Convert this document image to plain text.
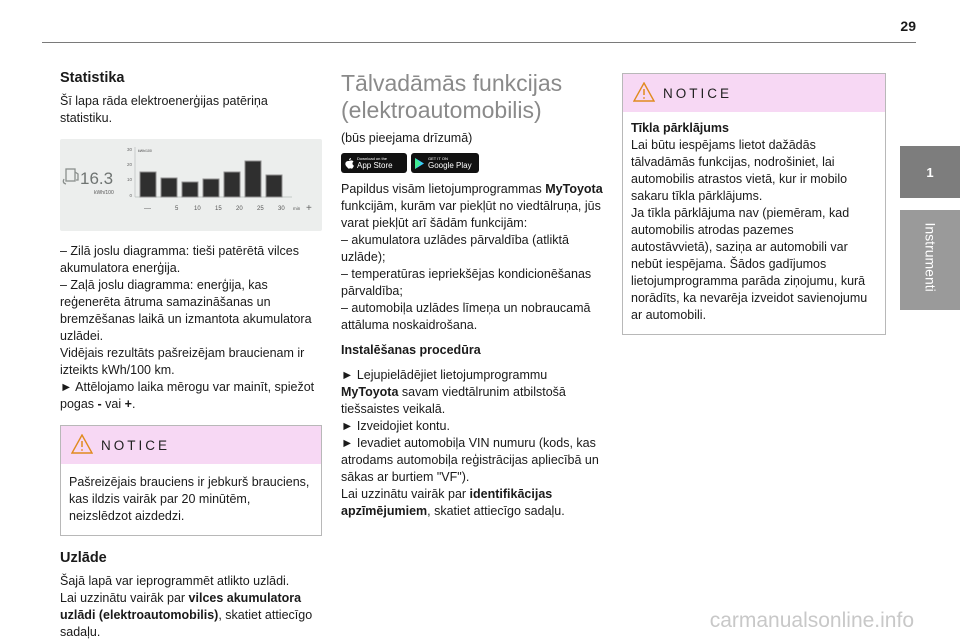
29
1
Instrumenti
Statistika

Šī lapa rāda elektroenerģijas patēriņa statistiku.

16.3
kWh/100
30
20
10
0
kWh/100
—	5	10 15 20 25 30 min +

– Zilā joslu diagramma: tieši patērētā vilces akumulatora enerģija.

– Zaļā joslu diagramma: enerģija, kas reģenerēta ātruma samazināšanas un bremzēšanas laikā un izmantota akumulatora uzlādei.

Vidējais rezultāts pašreizējam braucienam ir izteikts kWh/100 km.

► Attēlojamo laika mērogu var mainīt, spiežot pogas - vai +.

NOTICE

Pašreizējais brauciens ir jebkurš brauciens, kas ildzis vairāk par 20 minūtēm, neizslēdzot aizdedzi.

Uzlāde

Šajā lapā var ieprogrammēt atlikto uzlādi.

Lai uzzinātu vairāk par vilces akumulatora uzlādi (elektroautomobilis), skatiet attiecīgo sadaļu.

Tālvadāmās funkcijas (elektroautomobilis)

(būs pieejama drīzumā)

Download on the
App Store
GET IT ON
Google Play

Papildus visām lietojumprogrammas MyToyota funkcijām, kurām var piekļūt no viedtālruņa, jūs varat piekļūt arī šādām funkcijām:

– akumulatora uzlādes pārvaldība (atliktā uzlāde);

– temperatūras iepriekšējas kondicionēšanas pārvaldība;

– automobiļa uzlādes līmeņa un nobraucamā attāluma noskaidrošana.

Instalēšanas procedūra

► Lejupielādējiet lietojumprogrammu MyToyota savam viedtālrunim atbilstošā tiešsaistes veikalā.

► Izveidojiet kontu.

► Ievadiet automobiļa VIN numuru (kods, kas atrodams automobiļa reģistrācijas apliecībā un sākas ar burtiem "VF").

Lai uzzinātu vairāk par identifikācijas apzīmējumiem, skatiet attiecīgo sadaļu.

NOTICE

Tīkla pārklājums

Lai būtu iespējams lietot dažādās tālvadāmās funkcijas, nodrošiniet, lai automobilis atrastos vietā, kur ir mobilo sakaru tīkla pārklājums.

Ja tīkla pārklājuma nav (piemēram, kad automobilis atrodas pazemes autostāvvietā), saziņa ar automobili var nebūt iespējama. Šādos gadījumos lietojumprogramma parāda ziņojumu, kurā norādīts, ka nevarēja izveidot savienojumu ar automobili.

carmanualsonline.info
